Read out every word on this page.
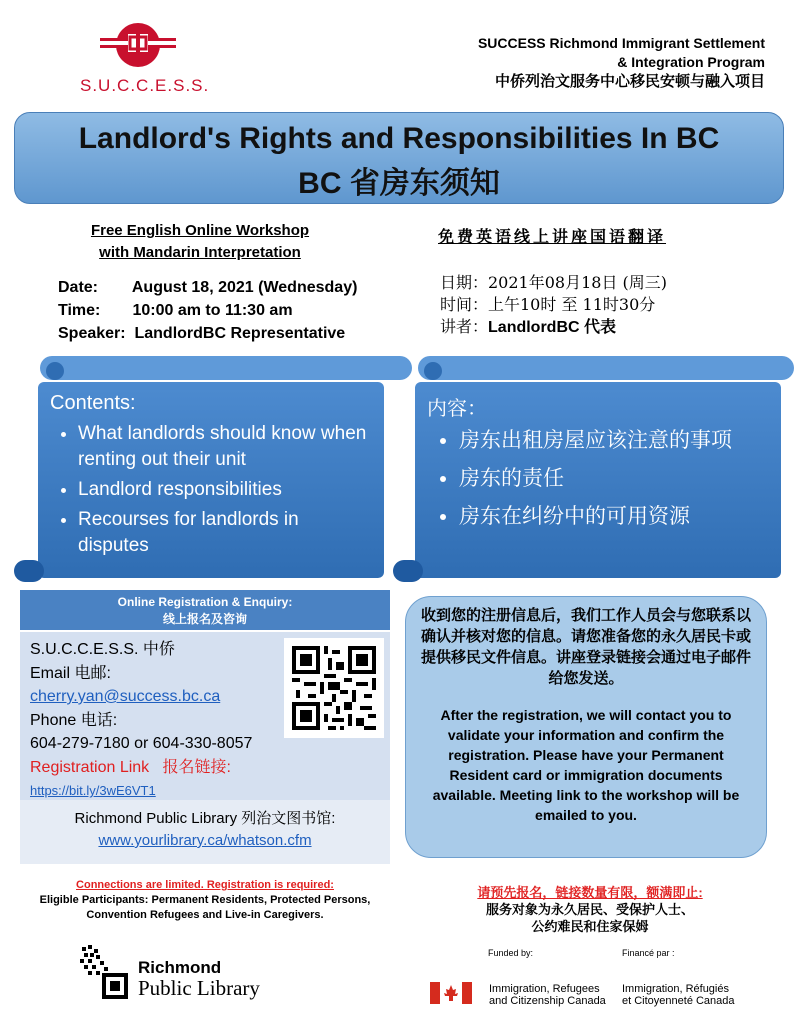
S.U.C.C.E.S.S.
SUCCESS Richmond Immigrant Settlement
& Integration Program
中侨列治文服务中心移民安顿与融入项目
Landlord's Rights and Responsibilities In BC
BC 省房东须知
Free English Online Workshop
with Mandarin Interpretation
Date: August 18, 2021 (Wednesday)
Time: 10:00 am to 11:30 am
Speaker: LandlordBC Representative
免费英语线上讲座国语翻译
日期：2021年08月18日 (周三)
时间：上午10时 至 11时30分
讲者：LandlordBC 代表
Contents:
• What landlords should know when renting out their unit
• Landlord responsibilities
• Recourses for landlords in disputes
内容：
• 房东出租房屋应该注意的事项
• 房东的责任
• 房东在纠纷中的可用资源
Online Registration & Enquiry:
线上报名及咨询
S.U.C.C.E.S.S. 中侨
Email 电邮:
cherry.yan@success.bc.ca
Phone 电话:
604-279-7180 or 604-330-8057
Registration Link 报名链接:
https://bit.ly/3wE6VT1
Richmond Public Library 列治文图书馆:
www.yourlibrary.ca/whatson.cfm
收到您的注册信息后，我们工作人员会与您联系以确认并核对您的信息。请您准备您的永久居民卡或提供移民文件信息。讲座登录链接会通过电子邮件给您发送。
After the registration, we will contact you to validate your information and confirm the registration. Please have your Permanent Resident card or immigration documents available. Meeting link to the workshop will be emailed to you.
Connections are limited. Registration is required:
Eligible Participants: Permanent Residents, Protected Persons, Convention Refugees and Live-in Caregivers.
请预先报名，链接数量有限，额满即止:
服务对象为永久居民、受保护人士、
公约难民和住家保姆
Richmond
Public Library
Funded by:	Financé par :
Immigration, Refugees
and Citizenship Canada
Immigration, Réfugiés
et Citoyenneté Canada
